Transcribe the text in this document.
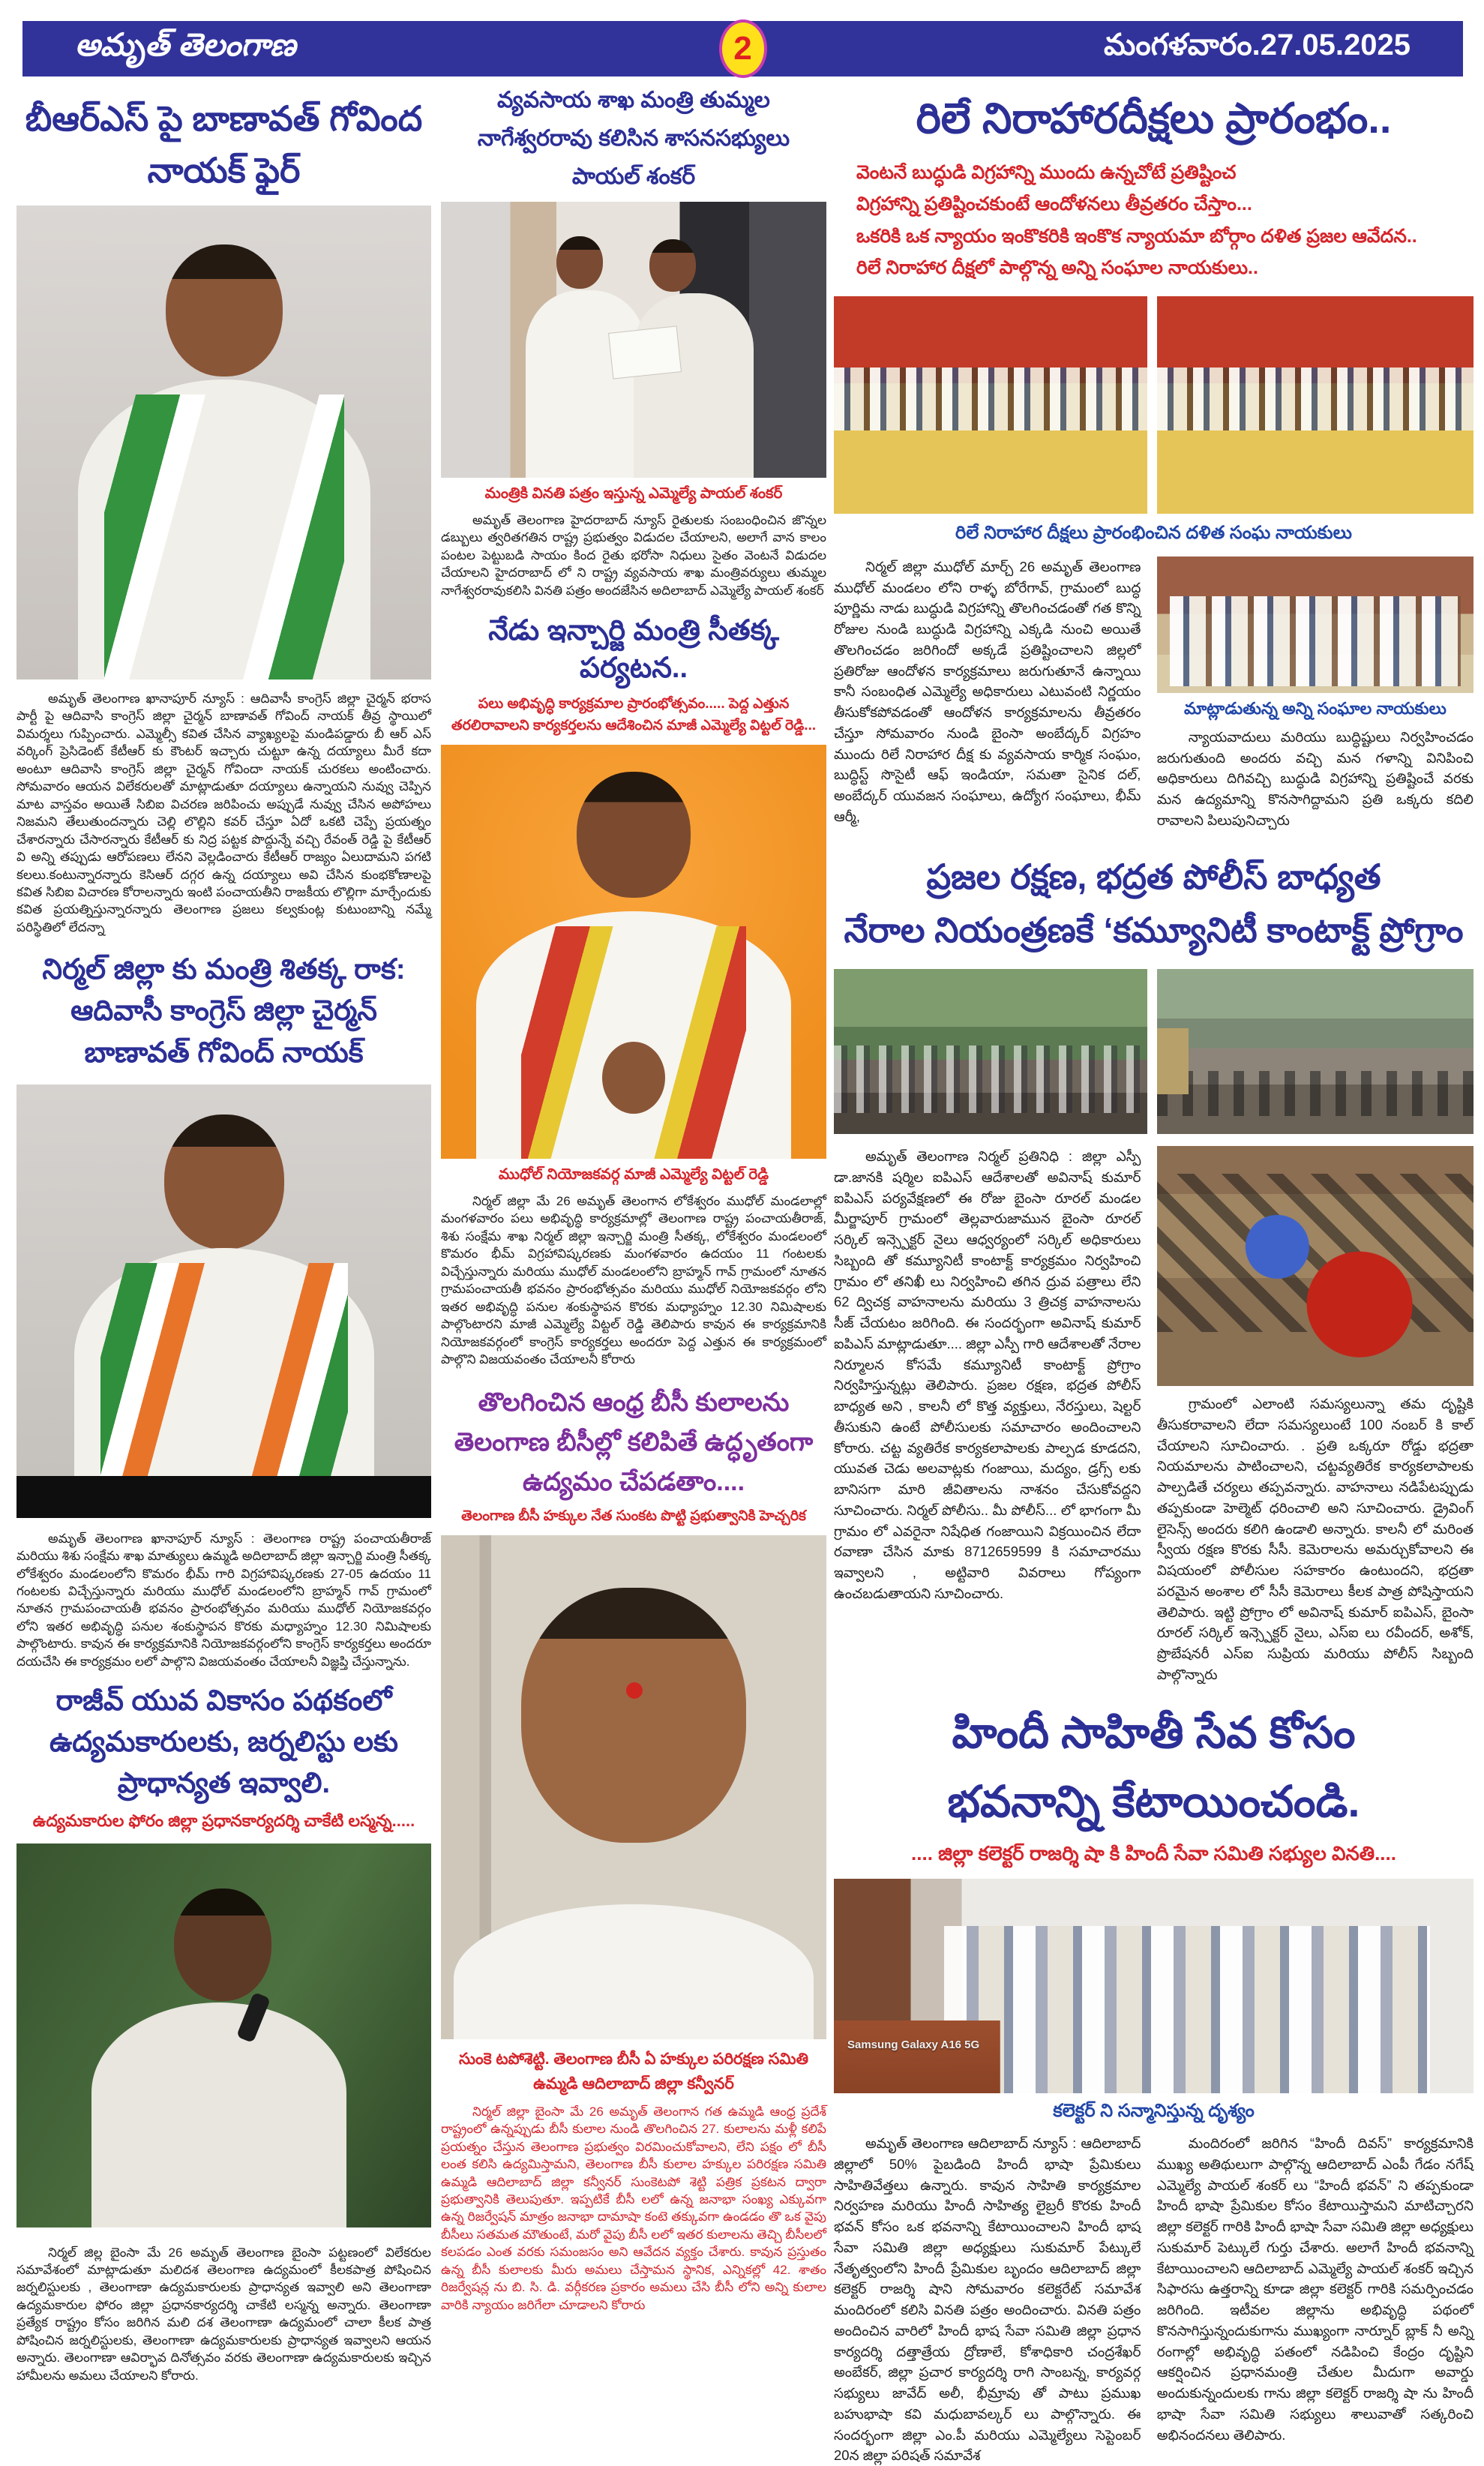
అమృత్ తెలంగాణ	2	మంగళవారం.27.05.2025
బీఆర్ఎస్ పై బాణావత్ గోవింద నాయక్ ఫైర్

అమృత్ తెలంగాణ ఖానాపూర్ న్యూస్ : ఆదివాసీ కాంగ్రెస్ జిల్లా చైర్మన్ భరాస పార్టీ పై ఆదివాసి కాంగ్రెస్ జిల్లా చైర్మన్ బాణావత్ గోవింద్ నాయక్ తీవ్ర స్థాయిలో విమర్శలు గుప్పించారు. ఎమ్మెల్సీ కవిత చేసిన వ్యాఖ్యలపై మండిపడ్డారు బీ ఆర్ ఎస్ వర్కింగ్ ప్రెసిడెంట్ కేటీఆర్ కు కౌంటర్ ఇచ్చారు చుట్టూ ఉన్న దయ్యాలు మీరే కదా అంటూ ఆదివాసి కాంగ్రెస్ జిల్లా చైర్మన్ గోవిందా నాయక్ చురకలు అంటించారు. సోమవారం ఆయన విలేకరులతో మాట్లాడుతూ దయ్యాలు ఉన్నాయని నువ్వు చెప్పిన మాట వాస్తవం అయితే సిబిఐ విచరణ జరిపించు అప్పుడే నువ్వు చేసిన అపోహలు నిజమని తేలుతుందన్నారు చెల్లి లొల్లిని కవర్ చేస్తూ ఏదో ఒకటి చెప్పే ప్రయత్నం చేశారన్నారు చేసారన్నారు కేటీఆర్ కు నిద్ర పట్టక పొద్దున్నే వచ్చి రేవంత్ రెడ్డి పై కేటీఆర్ వి అన్ని తప్పుడు ఆరోపణలు లేనని వెల్లడించారు కేటీఆర్ రాజ్యం ఏలుదామని పగటి కలలు.కంటున్నారన్నారు కెసిఆర్ దగ్గర ఉన్న దయ్యాలు అవి చేసిన కుంభకోణాలపై కవిత సిబిఐ విచారణ కోరాలన్నారు ఇంటి పంచాయతీని రాజకీయ లొల్లిగా మార్చేందుకు కవిత ప్రయత్నిస్తున్నారన్నారు తెలంగాణ ప్రజలు కల్వకుంట్ల కుటుంబాన్ని నమ్మే పరిస్థితిలో లేదన్నా

నిర్మల్ జిల్లా కు మంత్రి శితక్క రాక: ఆదివాసీ కాంగ్రెస్ జిల్లా చైర్మన్ బాణావత్ గోవింద్ నాయక్

అమృత్ తెలంగాణ ఖానాపూర్ న్యూస్ : తెలంగాణ రాష్ట్ర పంచాయతీరాజ్ మరియు శిశు సంక్షేమ శాఖ మాత్యులు ఉమ్మడి అదిలాబాద్ జిల్లా ఇన్చార్జి మంత్రి సీతక్క లోకేశ్వరం మండలంలోని కొమరం భీమ్ గారి విగ్రహావిష్కరణకు 27-05 ఉదయం 11 గంటలకు విచ్చేస్తున్నారు మరియు ముధోల్ మండలంలోని బ్రాహ్మన్ గావ్ గ్రామంలో నూతన గ్రామపంచాయతీ భవనం ప్రారంభోత్సవం మరియు ముధోల్ నియోజకవర్గం లోని ఇతర అభివృద్ధి పనుల శంకుస్థాపన కొరకు మధ్యాహ్నం 12.30 నిమిషాలకు పాల్గొంటారు. కావున ఈ కార్యక్రమానికి నియోజకవర్గంలోని కాంగ్రెస్ కార్యకర్తలు అందరూ దయచేసి ఈ కార్యక్రమం లలో పాల్గొని విజయవంతం చేయాలనీ విజ్ఞప్తి చేస్తున్నాను.

రాజీవ్ యువ వికాసం పథకంలో ఉద్యమకారులకు, జర్నలిస్టు లకు ప్రాధాన్యత ఇవ్వాలి.
ఉద్యమకారుల ఫోరం జిల్లా ప్రధానకార్యదర్శి చాకేటి లస్మన్న.....

నిర్మల్ జిల్ల బైంసా మే 26 అమృత్ తెలంగాణ బైంసా పట్టణంలో విలేకరుల సమావేశంలో మాట్లాడుతూ మలిదశ తెలంగాణ ఉద్యమంలో కీలకపాత్ర పోషించిన జర్నలిస్టులకు , తెలంగాణా ఉద్యమకారులకు ప్రాధాన్యత ఇవ్వాలి అని తెలంగాణా ఉద్యమకారుల ఫోరం జిల్లా ప్రధానకార్యదర్శి చాకేటి లస్మన్న అన్నారు. తెలంగాణా ప్రత్యేక రాష్ట్రం కోసం జరిగిన మలి దశ తెలంగాణా ఉద్యమంలో చాలా కీలక పాత్ర పోషించిన జర్నలిస్టులకు, తెలంగాణా ఉద్యమకారులకు ప్రాధాన్యత ఇవ్వాలని ఆయన అన్నారు. తెలంగాణా ఆవిర్భావ దినోత్సవం వరకు తెలంగాణా ఉద్యమకారులకు ఇచ్చిన హామీలను అమలు చేయాలని కోరారు.

వ్యవసాయ శాఖ మంత్రి తుమ్మల నాగేశ్వరరావు కలిసిన శాసనసభ్యులు పాయల్ శంకర్
మంత్రికి వినతి పత్రం ఇస్తున్న ఎమ్మెల్యే పాయల్ శంకర్

అమృత్ తెలంగాణ హైదరాబాద్ న్యూస్ రైతులకు సంబంధించిన జొన్నల డబ్బులు త్వరితగతిన రాష్ట్ర ప్రభుత్వం విడుదల చేయాలని, అలాగే వాన కాలం పంటల పెట్టుబడి సాయం కింద రైతు భరోసా నిధులు సైతం వెంటనే విడుదల చేయాలని హైదరాబాద్ లో ని రాష్ట్ర వ్యవసాయ శాఖ మంత్రివర్యులు తుమ్మల నాగేశ్వరరావుకలిసి వినతి పత్రం అందజేసిన అదిలాబాద్ ఎమ్మెల్యే పాయల్ శంకర్

నేడు ఇన్చార్జి మంత్రి సీతక్క పర్యటన..
పలు అభివృద్ధి కార్యక్రమాల ప్రారంభోత్సవం..... పెద్ద ఎత్తున తరలిరావాలని కార్యకర్తలను ఆదేశించిన మాజీ ఎమ్మెల్యే విట్టల్ రెడ్డి...
ముధోల్ నియోజకవర్గ మాజీ ఎమ్మెల్యే విట్టల్ రెడ్డి

నిర్మల్ జిల్లా మే 26 అమృత్ తెలంగాన లోకేశ్వరం ముధోల్ మండలాల్లో మంగళవారం పలు అభివృద్ధి కార్యక్రమాల్లో తెలంగాణ రాష్ట్ర పంచాయతీరాజ్, శిశు సంక్షేమ శాఖ నిర్మల్ జిల్లా ఇన్చార్జి మంత్రి సీతక్క, లోకేశ్వరం మండలంలో కొమరం భీమ్ విగ్రహావిష్కరణకు మంగళవారం ఉదయం 11 గంటలకు విచ్చేస్తున్నారు మరియు ముధోల్ మండలంలోని బ్రాహ్మన్ గావ్ గ్రామంలో నూతన గ్రామపంచాయతీ భవనం ప్రారంభోత్సవం మరియు ముధోల్ నియోజకవర్గం లోని ఇతర అభివృద్ధి పనుల శంకుస్థాపన కొరకు మధ్యాహ్నం 12.30 నిమిషాలకు పాల్గొంటారని మాజీ ఎమ్మెల్యే విట్టల్ రెడ్డి తెలిపారు కావున ఈ కార్యక్రమానికి నియోజకవర్గంలో కాంగ్రెస్ కార్యకర్తలు అందరూ పెద్ద ఎత్తున ఈ కార్యక్రమంలో పాల్గొని విజయవంతం చేయాలనీ కోరారు

తొలగించిన ఆంధ్ర బీసీ కులాలను తెలంగాణ బీసీల్లో కలిపితే ఉద్ధృతంగా ఉద్యమం చేపడతాం....
తెలంగాణ బీసీ హక్కుల నేత సుంకట పొట్టి ప్రభుత్వానికి హెచ్చరిక
సుంకె టపోశెట్టి. తెలంగాణ బీసీ ఏ హక్కుల పరిరక్షణ సమితి ఉమ్మడి ఆదిలాబాద్ జిల్లా కన్వీనర్

నిర్మల్ జిల్లా బైంసా మే 26 అమృత్ తెలంగాన గత ఉమ్మడి ఆంధ్ర ప్రదేశ్ రాష్ట్రంలో ఉన్నప్పుడు బీసీ కులాల నుండి తొలగించిన 27. కులాలను మళ్లీ కలిపే ప్రయత్నం చేస్తున తెలంగాణ ప్రభుత్వం విరమించుకోవాలని, లేని పక్షం లో బీసీ లంత కలిసి ఉద్యమిస్తామని, తెలంగాణ బీసీ కులాల హక్కుల పరిరక్షణ సమితి ఉమ్మడి ఆదిలాబాద్ జిల్లా కన్వీనర్ సుంకెటపో శెట్టి పత్రిక ప్రకటన ద్వారా ప్రభుత్వానికి తెలుపుతూ. ఇప్పటికే బీసీ లలో ఉన్న జనాభా సంఖ్య ఎక్కువగా ఉన్న రిజర్వేషన్ మాత్రం జనాభా దామాషా కంటె తక్కువగా ఉండడం తొ ఒక వైపు బీసీలు సతమత మౌతుంటే, మరో వైపు బీసీ లలో ఇతర కులాలను తెచ్చి బీసీలలో కలపడం ఎంత వరకు సమంజసం అని ఆవేదన వ్యక్తం చేశారు. కావున ప్రస్తుతం ఉన్న బీసీ కులాలకు మీరు అమలు చేస్తామన స్థానిక, ఎన్నికల్లో 42. శాతం రిజర్వేషన్ల ను బి. సి. డి. వర్గీకరణ ప్రకారం అమలు చేసి బీసీ లోని అన్ని కులాల వారికి న్యాయం జరిగేలా చూడాలని కోరారు

రిలే నిరాహారదీక్షలు ప్రారంభం..
వెంటనే బుద్ధుడి విగ్రహాన్ని ముందు ఉన్నచోటే ప్రతిష్టించ
విగ్రహాన్ని ప్రతిష్టించకుంటే ఆందోళనలు తీవ్రతరం చేస్తాం...
ఒకరికి ఒక న్యాయం ఇంకొకరికి ఇంకొక న్యాయమా బోర్గాం దళిత ప్రజల ఆవేదన..
రిలే నిరాహార దీక్షలో పాల్గొన్న అన్ని సంఘాల నాయకులు..
రిలే నిరాహార దీక్షలు ప్రారంభించిన దళిత సంఘ నాయకులు

నిర్మల్ జిల్లా ముధోల్ మార్చ్ 26 అమృత్ తెలంగాణ ముధోల్ మండలం లోని రాళ్ళ బోరేగావ్, గ్రామంలో బుద్ధ పూర్ణిమ నాడు బుద్ధుడి విగ్రహాన్ని తొలగించడంతో గత కొన్ని రోజుల నుండి బుద్ధుడి విగ్రహాన్ని ఎక్కడి నుంచి అయితే తొలగించడం జరిగిందో అక్కడే ప్రతిష్టించాలని జిల్లలో ప్రతిరోజు ఆందోళన కార్యక్రమాలు జరుగుతూనే ఉన్నాయి కానీ సంబంధిత ఎమ్మెల్యే అధికారులు ఎటువంటి నిర్ణయం తీసుకోకపోవడంతో ఆందోళన కార్యక్రమాలను తీవ్రతరం చేస్తూ సోమవారం నుండి బైంసా అంబేద్కర్ విగ్రహం ముందు రిలే నిరాహార దీక్ష కు వ్యవసాయ కార్మిక సంఘం, బుద్ధిస్ట్ సొసైటీ ఆఫ్ ఇండియా, సమతా సైనిక దల్, అంబేద్కర్ యువజన సంఘాలు, ఉద్యోగ సంఘాలు, భీమ్ ఆర్మీ,

మాట్లాడుతున్న అన్ని సంఘాల నాయకులు

న్యాయవాదులు మరియు బుద్ధిష్టులు నిర్వహించడం జరుగుతుంది అందరు వచ్చి మన గళాన్ని వినిపించి అధికారులు దిగివచ్చి బుద్ధుడి విగ్రహాన్ని ప్రతిష్టించే వరకు మన ఉద్యమాన్ని కొనసాగిద్దామని ప్రతి ఒక్కరు కదిలి రావాలని పిలుపునిచ్చారు

ప్రజల రక్షణ, భద్రత పోలీస్ బాధ్యత
నేరాల నియంత్రణకే ‘కమ్యూనిటీ కాంటాక్ట్ ప్రోగ్రాం

అమృత్ తెలంగాణ నిర్మల్ ప్రతినిధి : జిల్లా ఎస్పీ డా.జానకి షర్మిల ఐపిఎస్ ఆదేశాలతో అవినాష్ కుమార్ ఐపిఎస్ పర్యవేక్షణలో ఈ రోజు బైంసా రూరల్ మండల మీర్జాపూర్ గ్రామంలో తెల్లవారుజామున బైంసా రూరల్ సర్కిల్ ఇన్స్పెక్టర్ నైలు ఆధ్వర్యంలో సర్కిల్ అధికారులు సిబ్బంది తో కమ్యూనిటీ కాంటాక్ట్ కార్యక్రమం నిర్వహించి గ్రామం లో తనిఖీ లు నిర్వహించి తగిన ద్రువ పత్రాలు లేని 62 ద్విచక్ర వాహనాలను మరియు 3 త్రిచక్ర వాహనాలసు సీజ్ చేయటం జరిగింది. ఈ సందర్భంగా అవినాష్ కుమార్ ఐపిఎస్ మాట్లాడుతూ.... జిల్లా ఎస్పీ గారి ఆదేశాలతో నేరాల నిర్మూలన కోసమే కమ్యూనిటీ కాంటాక్ట్ ప్రోగ్రాం నిర్వహిస్తున్నట్లు తెలిపారు. ప్రజల రక్షణ, భద్రత పోలీస్ బాధ్యత అని , కాలనీ లో కొత్త వ్యక్తులు, నేరస్తులు, షెల్టర్ తీసుకుని ఉంటే పోలీసులకు సమాచారం అందించాలని కోరారు. చట్ట వ్యతిరేక కార్యకలాపాలకు పాల్పడ కూడదని, యువత చెడు అలవాట్లకు గంజాయి, మద్యం, డ్రగ్స్ లకు బానిసగా మారి జీవితాలను నాశనం చేసుకోవద్దని సూచించారు. నిర్మల్ పోలీసు.. మీ పోలీస్... లో భాగంగా మీ గ్రామం లో ఎవరైనా నిషేధిత గంజాయిని విక్రయించిన లేదా రవాణా చేసిన మాకు 8712659599 కి సమాచారము ఇవ్వాలని , అట్టివారి వివరాలు గోప్యంగా ఉంచబడుతాయని సూచించారు.

గ్రామంలో ఎలాంటి సమస్యలున్నా తమ దృష్టికి తీసుకరావాలని లేదా సమస్యలుంటే 100 నంబర్ కి కాల్ చేయాలని సూచించారు. . ప్రతి ఒక్కరూ రోడ్డు భద్రతా నియమాలను పాటించాలని, చట్టవ్యతిరేక కార్యకలాపాలకు పాల్పడితే చర్యలు తప్పవన్నారు. వాహనాలు నడిపేటప్పుడు తప్పకుండా హెల్మెట్ ధరించాలి అని సూచించారు. డ్రైవింగ్ లైసెన్స్ అందరు కలిగి ఉండాలి అన్నారు. కాలనీ లో మరింత స్వీయ రక్షణ కొరకు సీసీ. కెమెరాలను అమర్చుకోవాలని ఈ విషయంలో పోలీసుల సహకారం ఉంటుందని, భద్రతా పరమైన అంశాల లో సీసీ కెమెరాలు కీలక పాత్ర పోషిస్తాయని తెలిపారు. ఇట్టి ప్రోగ్రాం లో అవినాష్ కుమార్ ఐపిఎస్, బైంసా రూరల్ సర్కిల్ ఇన్స్పెక్టర్ నైలు, ఎస్ఐ లు రవీందర్, అశోక్, ప్రొబేషనరీ ఎస్ఐ సుప్రియ మరియు పోలీస్ సిబ్బంది పాల్గొన్నారు

హిందీ సాహితీ సేవ కోసం
భవనాన్ని కేటాయించండి.
.... జిల్లా కలెక్టర్ రాజర్శి షా కి హిందీ సేవా సమితి సభ్యుల వినతి....
Samsung Galaxy A16 5G
కలెక్టర్ ని సన్మానిస్తున్న దృశ్యం

అమృత్ తెలంగాణ ఆదిలాబాద్ న్యూస్ : ఆదిలాబాద్ జిల్లాలో 50% పైబడింది హిందీ భాషా ప్రేమికులు సాహితివేత్తలు ఉన్నారు. కావున సాహితి కార్యక్రమాల నిర్వహణ మరియు హిందీ సాహిత్య లైబ్రరీ కొరకు హిందీ భవన్ కోసం ఒక భవనాన్ని కేటాయించాలని హిందీ భాష సేవా సమితి జిల్లా అధ్యక్షులు సుకుమార్ పేట్కులే నేతృత్వంలోని హిందీ ప్రేమికుల బృందం ఆదిలాబాద్ జిల్లా కలెక్టర్ రాజర్శి షాని సోమవారం కలెక్టరేట్ సమావేశ మందిరంలో కలిసి వినతి పత్రం అందించారు. వినతి పత్రం అందించిన వారిలో హిందీ భాష సేవా సమితి జిల్లా ప్రధాన కార్యదర్శి దత్తాత్రేయ ద్రోణాలే, కోశాధికారి చంద్రశేఖర్ అంబేకర్, జిల్లా ప్రచార కార్యదర్శి రాగి సాంబన్న, కార్యవర్గ సభ్యులు జావేద్ అలీ, భీమ్రావు తో పాటు ప్రముఖ బహుభాషా కవి మధుబావల్కర్ లు పాల్గొన్నారు. ఈ సందర్భంగా జిల్లా ఎం.పీ మరియు ఎమ్మెల్యేలు సెప్టెంబర్ 20న జిల్లా పరిషత్ సమావేశ

మందిరంలో జరిగిన “హిందీ దివస్” కార్యక్రమానికి ముఖ్య అతిథులుగా పాల్గొన్న ఆదిలాబాద్ ఎంపీ గేడం నగేష్ ఎమ్మెల్యే పాయల్ శంకర్ లు “హిందీ భవన్” ని తప్పకుండా హిందీ భాషా ప్రేమికుల కోసం కేటాయిస్తామని మాటిచ్చారని జిల్లా కలెక్టర్ గారికి హిందీ భాషా సేవా సమితి జిల్లా అధ్యక్షులు సుకుమార్ పెట్కులే గుర్తు చేశారు. అలాగే హిందీ భవనాన్ని కేటాయించాలని ఆదిలాబాద్ ఎమ్మెల్యే పాయల్ శంకర్ ఇచ్చిన సిఫారసు ఉత్తరాన్ని కూడా జిల్లా కలెక్టర్ గారికి సమర్పించడం జరిగింది. ఇటీవల జిల్లాను అభివృద్ధి పథంలో కొనసాగిస్తున్నందుకుగాను ముఖ్యంగా నార్నూర్ బ్లాక్ నీ అన్ని రంగాల్లో అభివృద్ధి పతంలో నడిపించి కేంద్రం దృష్టిని ఆకర్షించిన ప్రధానమంత్రి చేతుల మీదుగా అవార్డు అందుకున్నందులకు గాను జిల్లా కలెక్టర్ రాజర్శి షా ను హిందీ భాషా సేవా సమితి సభ్యులు శాలువాతో సత్కరించి అభినందనలు తెలిపారు.
